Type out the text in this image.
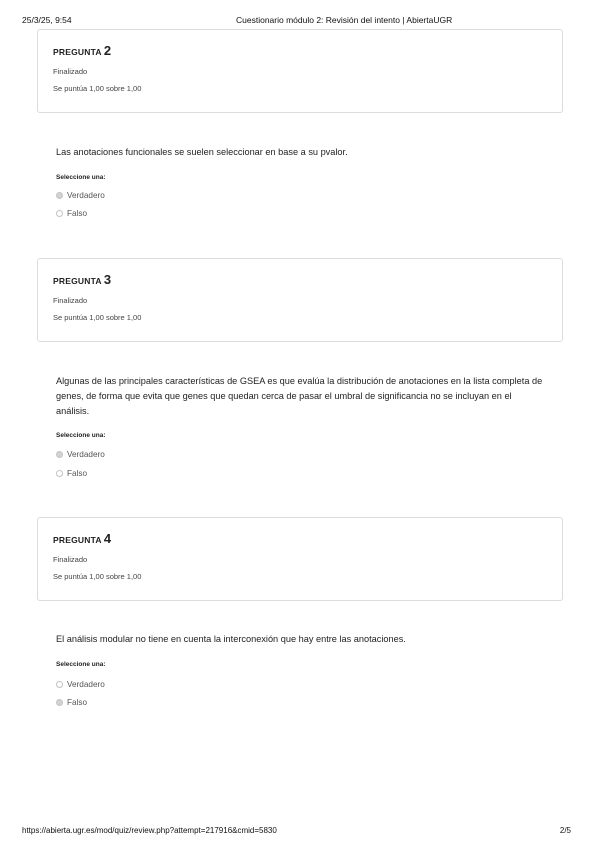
25/3/25, 9:54	Cuestionario módulo 2: Revisión del intento | AbiertaUGR
PREGUNTA 2
Finalizado
Se puntúa 1,00 sobre 1,00
Las anotaciones funcionales se suelen seleccionar en base a su pvalor.
Seleccione una:
Verdadero
Falso
PREGUNTA 3
Finalizado
Se puntúa 1,00 sobre 1,00
Algunas de las principales características de GSEA es que evalúa la distribución de anotaciones en la lista completa de genes, de forma que evita que genes que quedan cerca de pasar el umbral de significancia no se incluyan en el análisis.
Seleccione una:
Verdadero
Falso
PREGUNTA 4
Finalizado
Se puntúa 1,00 sobre 1,00
El análisis modular no tiene en cuenta la interconexión que hay entre las anotaciones.
Seleccione una:
Verdadero
Falso
https://abierta.ugr.es/mod/quiz/review.php?attempt=217916&cmid=5830	2/5
